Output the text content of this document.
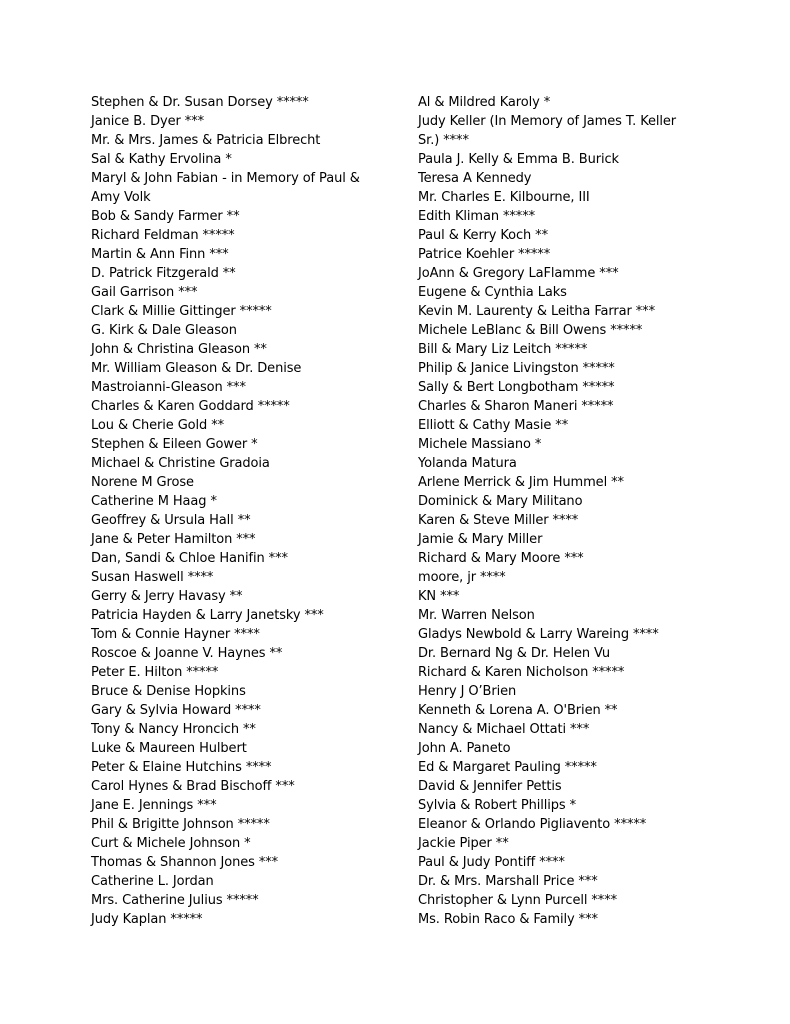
Stephen & Dr. Susan Dorsey *****
Janice B. Dyer ***
Mr. & Mrs. James & Patricia Elbrecht
Sal & Kathy Ervolina *
Maryl & John Fabian - in Memory of Paul &
Amy Volk
Bob & Sandy Farmer **
Richard Feldman *****
Martin & Ann Finn ***
D. Patrick Fitzgerald **
Gail Garrison ***
Clark & Millie Gittinger *****
G. Kirk & Dale Gleason
John & Christina Gleason **
Mr. William Gleason & Dr. Denise
Mastroianni-Gleason ***
Charles & Karen Goddard *****
Lou & Cherie Gold **
Stephen & Eileen Gower *
Michael & Christine Gradoia
Norene M Grose
Catherine M Haag *
Geoffrey & Ursula Hall **
Jane & Peter Hamilton ***
Dan, Sandi & Chloe Hanifin ***
Susan Haswell ****
Gerry & Jerry Havasy **
Patricia Hayden & Larry Janetsky ***
Tom & Connie Hayner ****
Roscoe & Joanne V. Haynes **
Peter E. Hilton *****
Bruce & Denise Hopkins
Gary & Sylvia Howard ****
Tony & Nancy Hroncich **
Luke & Maureen Hulbert
Peter & Elaine Hutchins ****
Carol Hynes & Brad Bischoff ***
Jane E. Jennings ***
Phil & Brigitte Johnson *****
Curt & Michele Johnson *
Thomas & Shannon Jones ***
Catherine L. Jordan
Mrs. Catherine Julius *****
Judy Kaplan *****
Al & Mildred Karoly *
Judy Keller (In Memory of James T. Keller
Sr.) ****
Paula J. Kelly & Emma B. Burick
Teresa A Kennedy
Mr. Charles E. Kilbourne, III
Edith Kliman *****
Paul & Kerry Koch **
Patrice Koehler *****
JoAnn & Gregory LaFlamme ***
Eugene & Cynthia Laks
Kevin M. Laurenty & Leitha Farrar ***
Michele LeBlanc & Bill Owens *****
Bill & Mary Liz Leitch *****
Philip & Janice Livingston *****
Sally & Bert Longbotham *****
Charles & Sharon Maneri *****
Elliott & Cathy Masie **
Michele Massiano *
Yolanda Matura
Arlene Merrick & Jim Hummel **
Dominick & Mary Militano
Karen & Steve Miller ****
Jamie & Mary Miller
Richard & Mary Moore ***
moore, jr ****
KN ***
Mr. Warren Nelson
Gladys Newbold & Larry Wareing ****
Dr. Bernard Ng & Dr. Helen Vu
Richard & Karen Nicholson *****
Henry J O’Brien
Kenneth & Lorena A. O'Brien **
Nancy & Michael Ottati ***
John A. Paneto
Ed & Margaret Pauling *****
David & Jennifer Pettis
Sylvia & Robert Phillips *
Eleanor & Orlando Pigliavento *****
Jackie Piper **
Paul & Judy Pontiff ****
Dr. & Mrs. Marshall Price ***
Christopher & Lynn Purcell ****
Ms. Robin Raco & Family ***
